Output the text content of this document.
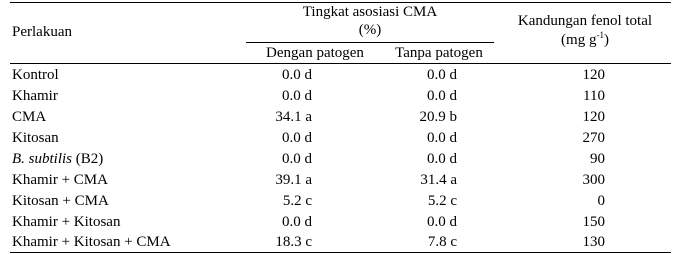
Perlakuan
Tingkat asosiasi CMA
(%)
Dengan patogen	Tanpa patogen
Kandungan fenol total
(mg $g^{-1}$)
Kontrol	0.0 d	0.0 d	120
Khamir	0.0 d	0.0 d	110
CMA	34.1 a	20.9 b	120
Kitosan	0.0 d	0.0 d	270
B. subtilis (B2)	0.0 d	0.0 d	90
Khamir + CMA	39.1 a	31.4 a	300
Kitosan + CMA	5.2 c	5.2 c	0
Khamir + Kitosan	0.0 d	0.0 d	150
Khamir + Kitosan + CMA	18.3 c	7.8 c	130
